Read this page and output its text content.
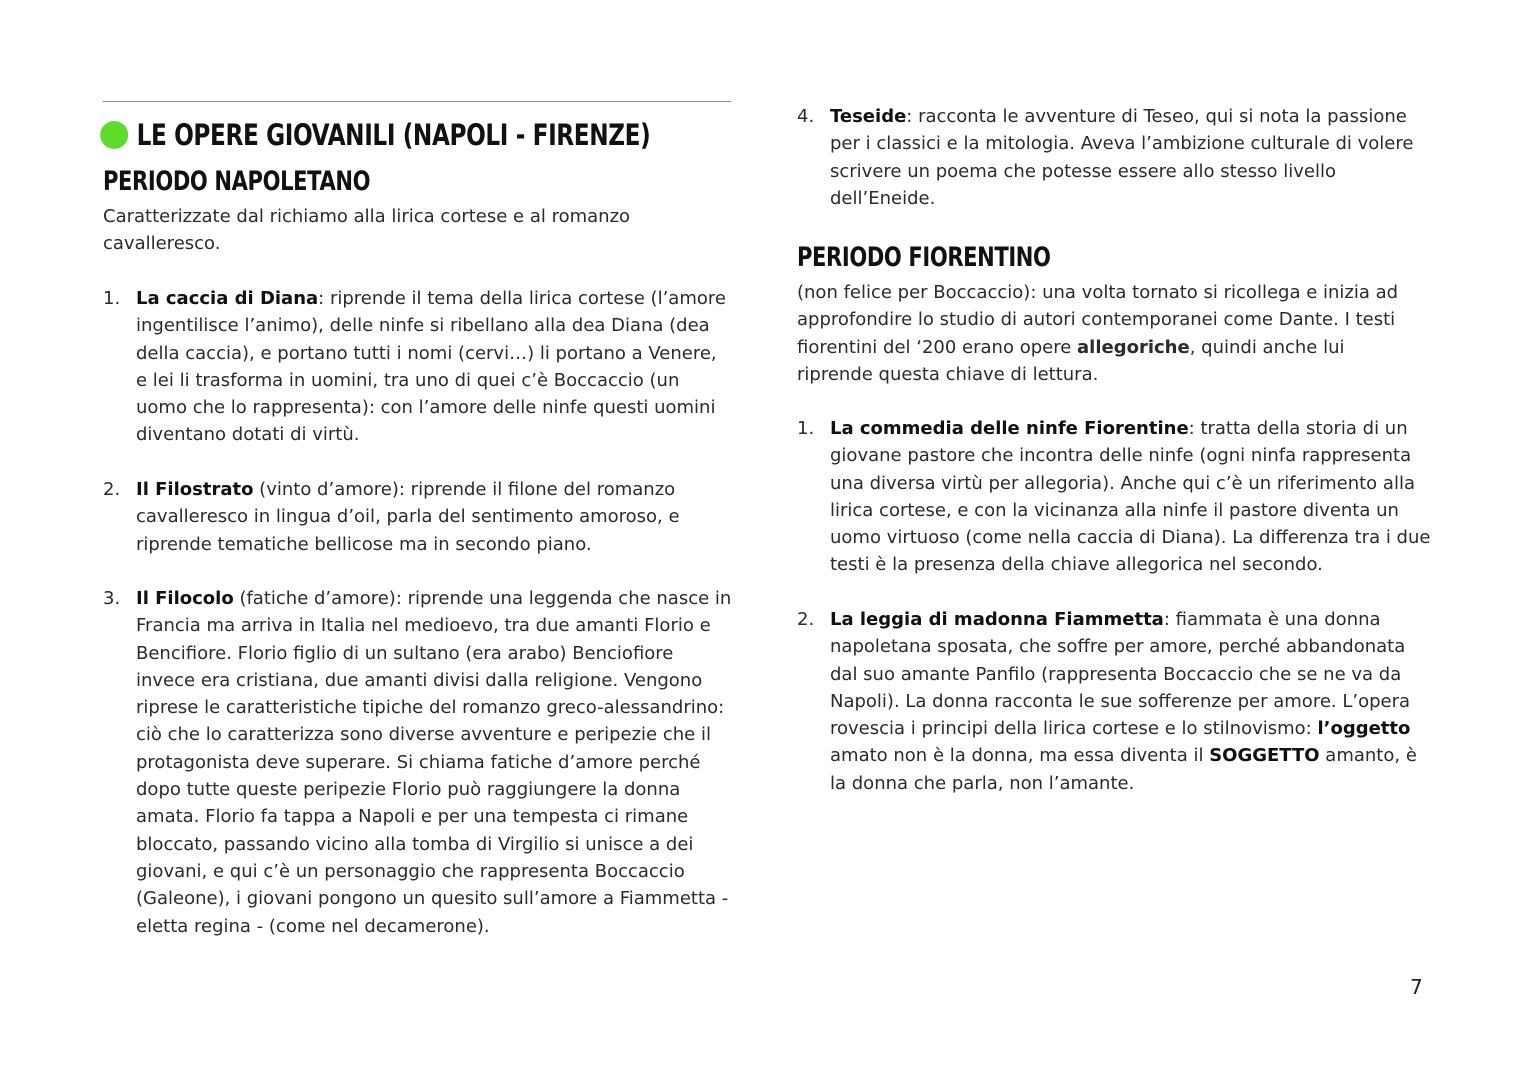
LE OPERE GIOVANILI (NAPOLI - FIRENZE)
PERIODO NAPOLETANO

Caratterizzate dal richiamo alla lirica cortese e al romanzo cavalleresco.

1. La caccia di Diana: riprende il tema della lirica cortese (l’amore ingentilisce l’animo), delle ninfe si ribellano alla dea Diana (dea della caccia), e portano tutti i nomi (cervi…) li portano a Venere, e lei li trasforma in uomini, tra uno di quei c’è Boccaccio (un uomo che lo rappresenta): con l’amore delle ninfe questi uomini diventano dotati di virtù.
2. Il Filostrato (vinto d’amore): riprende il filone del romanzo cavalleresco in lingua d’oil, parla del sentimento amoroso, e riprende tematiche bellicose ma in secondo piano.
3. Il Filocolo (fatiche d’amore): riprende una leggenda che nasce in Francia ma arriva in Italia nel medioevo, tra due amanti Florio e Bencifiore. Florio figlio di un sultano (era arabo) Benciofiore invece era cristiana, due amanti divisi dalla religione. Vengono riprese le caratteristiche tipiche del romanzo greco-alessandrino: ciò che lo caratterizza sono diverse avventure e peripezie che il protagonista deve superare. Si chiama fatiche d’amore perché dopo tutte queste peripezie Florio può raggiungere la donna amata. Florio fa tappa a Napoli e per una tempesta ci rimane bloccato, passando vicino alla tomba di Virgilio si unisce a dei giovani, e qui c’è un personaggio che rappresenta Boccaccio (Galeone), i giovani pongono un quesito sull’amore a Fiammetta - eletta regina - (come nel decamerone).
4. Teseide: racconta le avventure di Teseo, qui si nota la passione per i classici e la mitologia. Aveva l’ambizione culturale di volere scrivere un poema che potesse essere allo stesso livello dell’Eneide.
PERIODO FIORENTINO

(non felice per Boccaccio): una volta tornato si ricollega e inizia ad approfondire lo studio di autori contemporanei come Dante. I testi fiorentini del ‘200 erano opere allegoriche, quindi anche lui riprende questa chiave di lettura.

1. La commedia delle ninfe Fiorentine: tratta della storia di un giovane pastore che incontra delle ninfe (ogni ninfa rappresenta una diversa virtù per allegoria). Anche qui c’è un riferimento alla lirica cortese, e con la vicinanza alla ninfe il pastore diventa un uomo virtuoso (come nella caccia di Diana). La differenza tra i due testi è la presenza della chiave allegorica nel secondo.
2. La leggia di madonna Fiammetta: fiammata è una donna napoletana sposata, che soffre per amore, perché abbandonata dal suo amante Panfilo (rappresenta Boccaccio che se ne va da Napoli). La donna racconta le sue sofferenze per amore. L’opera rovescia i principi della lirica cortese e lo stilnovismo: l’oggetto amato non è la donna, ma essa diventa il SOGGETTO amanto, è la donna che parla, non l’amante.
7
